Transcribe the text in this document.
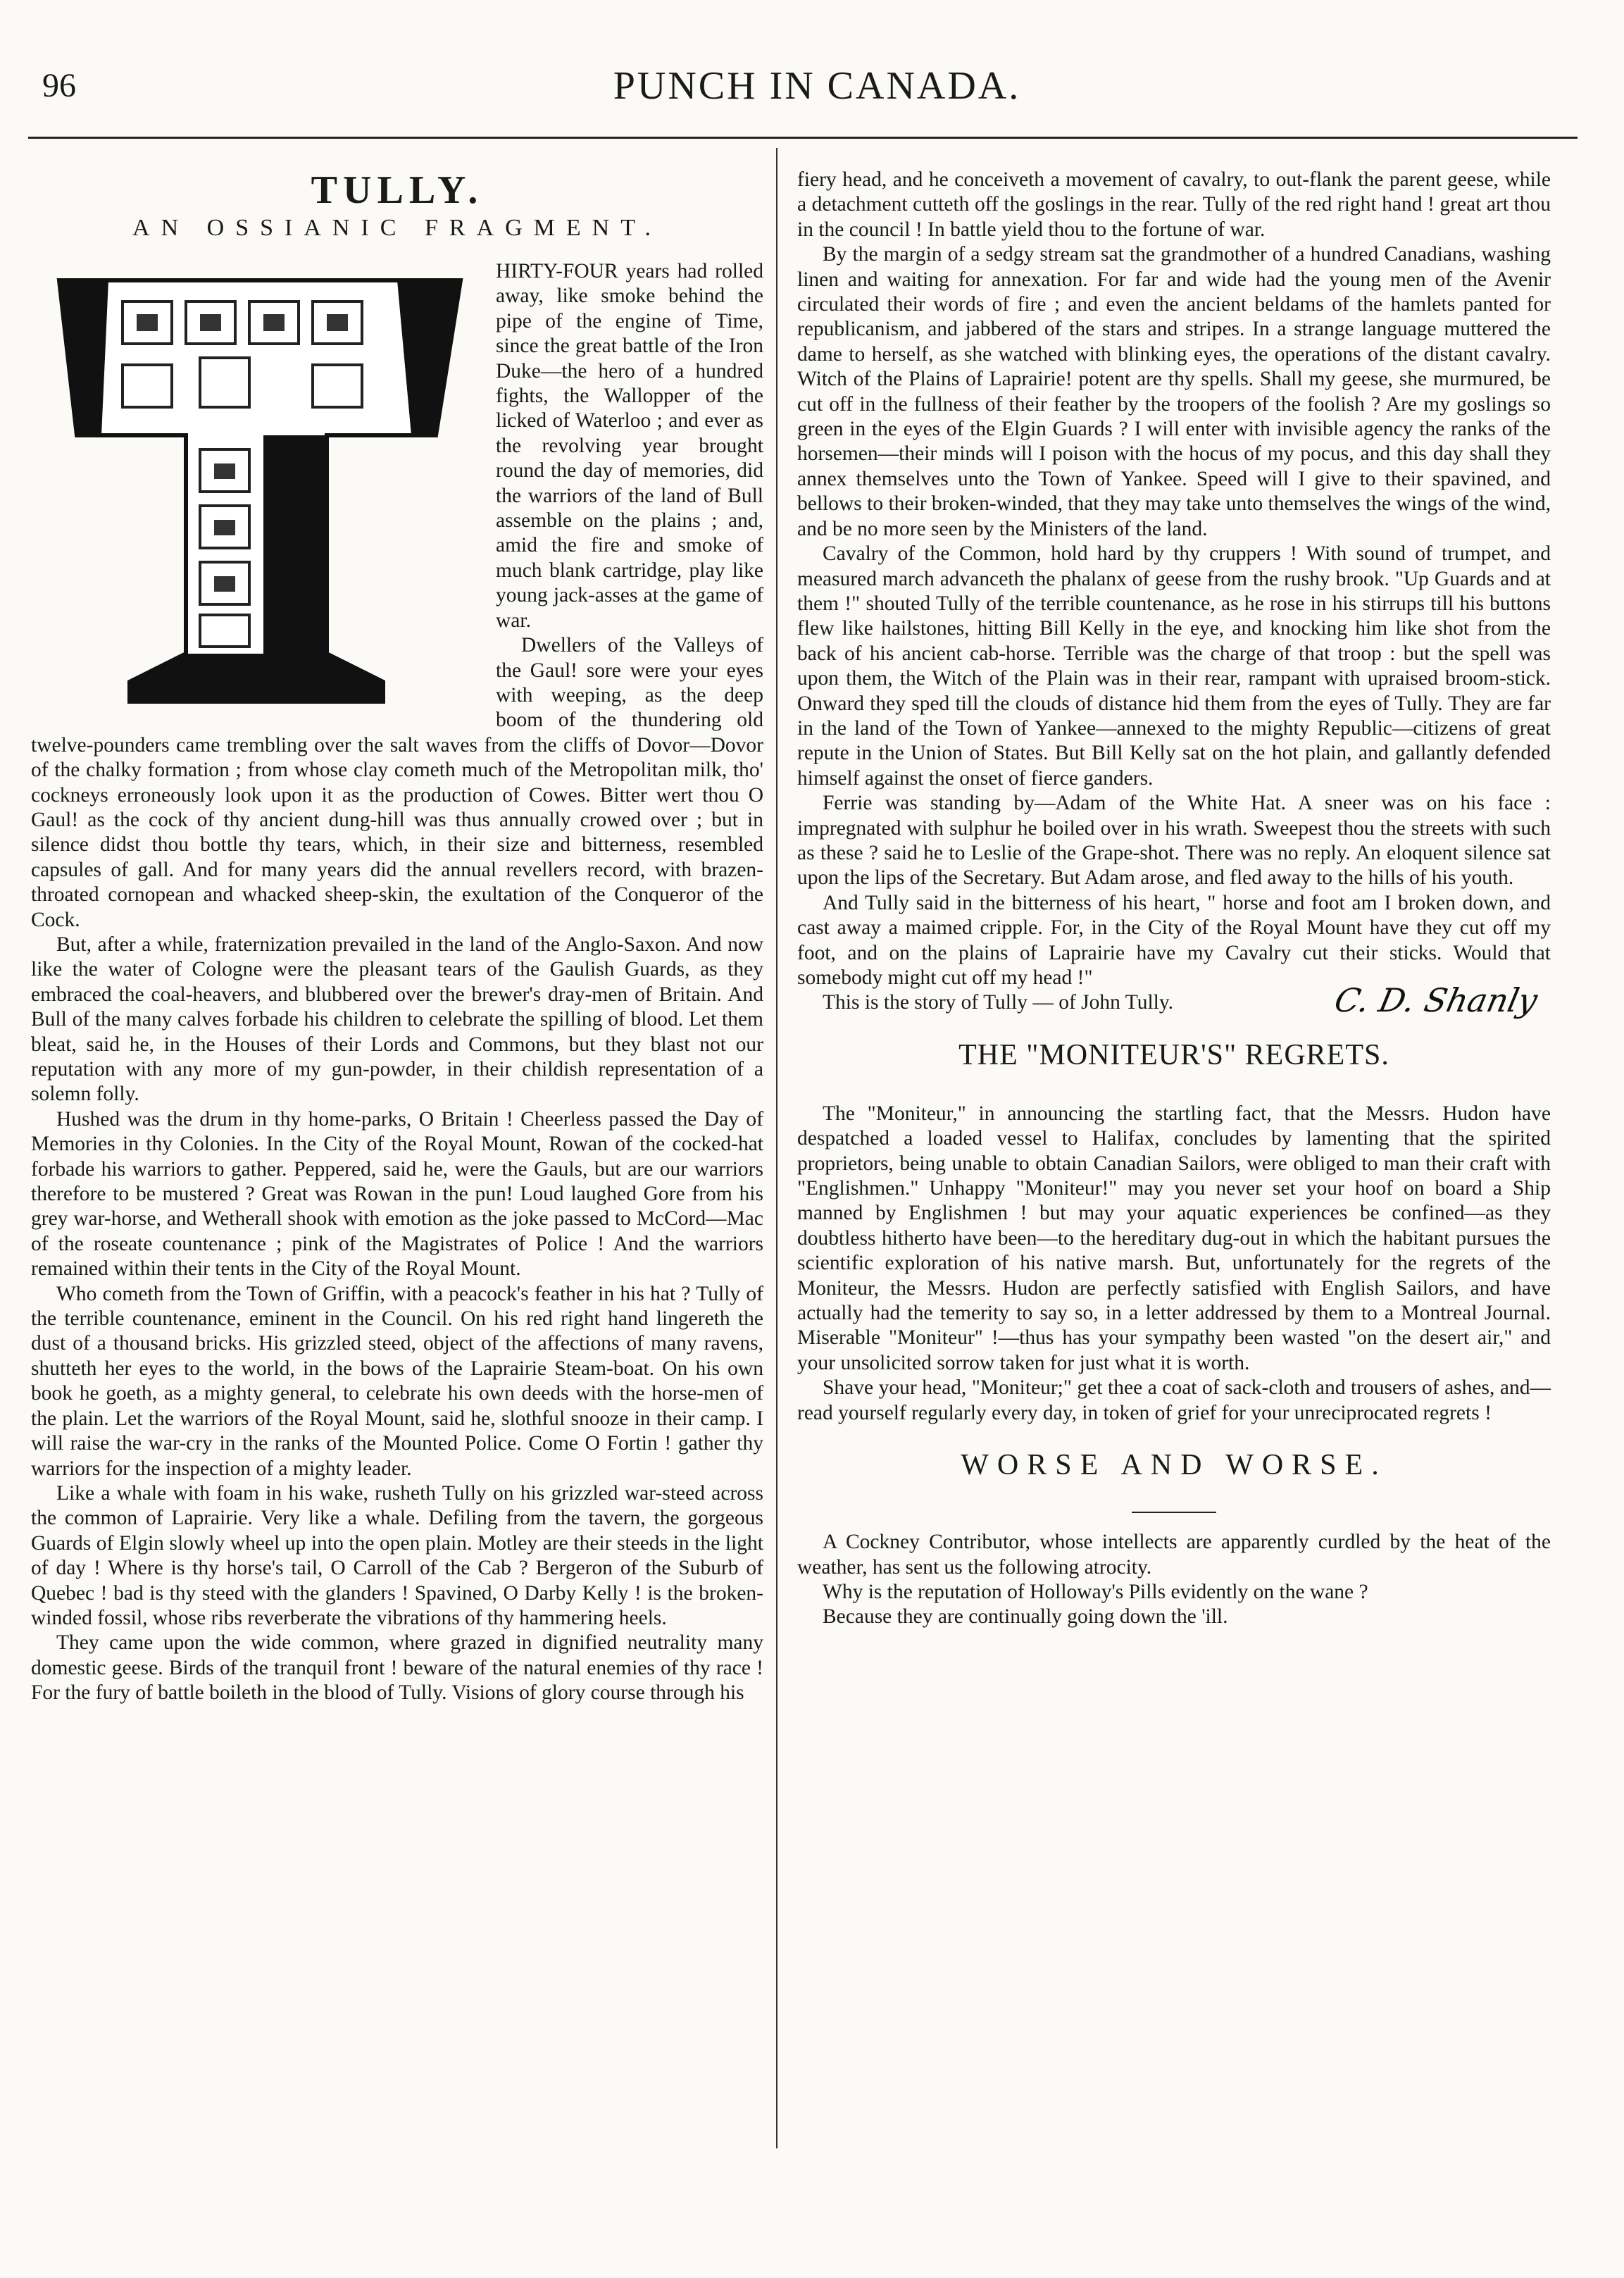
96	PUNCH IN CANADA.
TULLY.
AN OSSIANIC FRAGMENT.

HIRTY-FOUR years had rolled away, like smoke behind the pipe of the engine of Time, since the great battle of the Iron Duke—the hero of a hundred fights, the Wallopper of the licked of Waterloo ; and ever as the revolving year brought round the day of memories, did the warriors of the land of Bull assemble on the plains ; and, amid the fire and smoke of much blank cartridge, play like young jack-asses at the game of war.

Dwellers of the Valleys of the Gaul! sore were your eyes with weeping, as the deep boom of the thundering old twelve-pounders came trembling over the salt waves from the cliffs of Dovor—Dovor of the chalky formation ; from whose clay cometh much of the Metropolitan milk, tho' cockneys erroneously look upon it as the production of Cowes. Bitter wert thou O Gaul! as the cock of thy ancient dung-hill was thus annually crowed over ; but in silence didst thou bottle thy tears, which, in their size and bitterness, resembled capsules of gall. And for many years did the annual revellers record, with brazen-throated cornopean and whacked sheep-skin, the exultation of the Conqueror of the Cock.

But, after a while, fraternization prevailed in the land of the Anglo-Saxon. And now like the water of Cologne were the pleasant tears of the Gaulish Guards, as they embraced the coal-heavers, and blubbered over the brewer's dray-men of Britain. And Bull of the many calves forbade his children to celebrate the spilling of blood. Let them bleat, said he, in the Houses of their Lords and Commons, but they blast not our reputation with any more of my gun-powder, in their childish representation of a solemn folly.

Hushed was the drum in thy home-parks, O Britain ! Cheerless passed the Day of Memories in thy Colonies. In the City of the Royal Mount, Rowan of the cocked-hat forbade his warriors to gather. Peppered, said he, were the Gauls, but are our warriors therefore to be mustered ? Great was Rowan in the pun! Loud laughed Gore from his grey war-horse, and Wetherall shook with emotion as the joke passed to McCord—Mac of the roseate countenance ; pink of the Magistrates of Police ! And the warriors remained within their tents in the City of the Royal Mount.

Who cometh from the Town of Griffin, with a peacock's feather in his hat ? Tully of the terrible countenance, eminent in the Council. On his red right hand lingereth the dust of a thousand bricks. His grizzled steed, object of the affections of many ravens, shutteth her eyes to the world, in the bows of the Laprairie Steam-boat. On his own book he goeth, as a mighty general, to celebrate his own deeds with the horse-men of the plain. Let the warriors of the Royal Mount, said he, slothful snooze in their camp. I will raise the war-cry in the ranks of the Mounted Police. Come O Fortin ! gather thy warriors for the inspection of a mighty leader.

Like a whale with foam in his wake, rusheth Tully on his grizzled war-steed across the common of Laprairie. Very like a whale. Defiling from the tavern, the gorgeous Guards of Elgin slowly wheel up into the open plain. Motley are their steeds in the light of day ! Where is thy horse's tail, O Carroll of the Cab ? Bergeron of the Suburb of Quebec ! bad is thy steed with the glanders ! Spavined, O Darby Kelly ! is the broken-winded fossil, whose ribs reverberate the vibrations of thy hammering heels.

They came upon the wide common, where grazed in dignified neutrality many domestic geese. Birds of the tranquil front ! beware of the natural enemies of thy race ! For the fury of battle boileth in the blood of Tully. Visions of glory course through his

fiery head, and he conceiveth a movement of cavalry, to out-flank the parent geese, while a detachment cutteth off the goslings in the rear. Tully of the red right hand ! great art thou in the council ! In battle yield thou to the fortune of war.

By the margin of a sedgy stream sat the grandmother of a hundred Canadians, washing linen and waiting for annexation. For far and wide had the young men of the Avenir circulated their words of fire ; and even the ancient beldams of the hamlets panted for republicanism, and jabbered of the stars and stripes. In a strange language muttered the dame to herself, as she watched with blinking eyes, the operations of the distant cavalry. Witch of the Plains of Laprairie! potent are thy spells. Shall my geese, she murmured, be cut off in the fullness of their feather by the troopers of the foolish ? Are my goslings so green in the eyes of the Elgin Guards ? I will enter with invisible agency the ranks of the horsemen—their minds will I poison with the hocus of my pocus, and this day shall they annex themselves unto the Town of Yankee. Speed will I give to their spavined, and bellows to their broken-winded, that they may take unto themselves the wings of the wind, and be no more seen by the Ministers of the land.

Cavalry of the Common, hold hard by thy cruppers ! With sound of trumpet, and measured march advanceth the phalanx of geese from the rushy brook. "Up Guards and at them !" shouted Tully of the terrible countenance, as he rose in his stirrups till his buttons flew like hailstones, hitting Bill Kelly in the eye, and knocking him like shot from the back of his ancient cab-horse. Terrible was the charge of that troop : but the spell was upon them, the Witch of the Plain was in their rear, rampant with upraised broom-stick. Onward they sped till the clouds of distance hid them from the eyes of Tully. They are far in the land of the Town of Yankee—annexed to the mighty Republic—citizens of great repute in the Union of States. But Bill Kelly sat on the hot plain, and gallantly defended himself against the onset of fierce ganders.

Ferrie was standing by—Adam of the White Hat. A sneer was on his face : impregnated with sulphur he boiled over in his wrath. Sweepest thou the streets with such as these ? said he to Leslie of the Grape-shot. There was no reply. An eloquent silence sat upon the lips of the Secretary. But Adam arose, and fled away to the hills of his youth.

And Tully said in the bitterness of his heart, " horse and foot am I broken down, and cast away a maimed cripple. For, in the City of the Royal Mount have they cut off my foot, and on the plains of Laprairie have my Cavalry cut their sticks. Would that somebody might cut off my head !"

This is the story of Tully — of John Tully.	C. D. Shanly
THE "MONITEUR'S" REGRETS.

The "Moniteur," in announcing the startling fact, that the Messrs. Hudon have despatched a loaded vessel to Halifax, concludes by lamenting that the spirited proprietors, being unable to obtain Canadian Sailors, were obliged to man their craft with "Englishmen." Unhappy "Moniteur!" may you never set your hoof on board a Ship manned by Englishmen ! but may your aquatic experiences be confined—as they doubtless hitherto have been—to the hereditary dug-out in which the habitant pursues the scientific exploration of his native marsh. But, unfortunately for the regrets of the Moniteur, the Messrs. Hudon are perfectly satisfied with English Sailors, and have actually had the temerity to say so, in a letter addressed by them to a Montreal Journal. Miserable "Moniteur" !—thus has your sympathy been wasted "on the desert air," and your unsolicited sorrow taken for just what it is worth.

Shave your head, "Moniteur;" get thee a coat of sack-cloth and trousers of ashes, and—read yourself regularly every day, in token of grief for your unreciprocated regrets !

WORSE AND WORSE.

A Cockney Contributor, whose intellects are apparently curdled by the heat of the weather, has sent us the following atrocity.

Why is the reputation of Holloway's Pills evidently on the wane ?

Because they are continually going down the 'ill.
